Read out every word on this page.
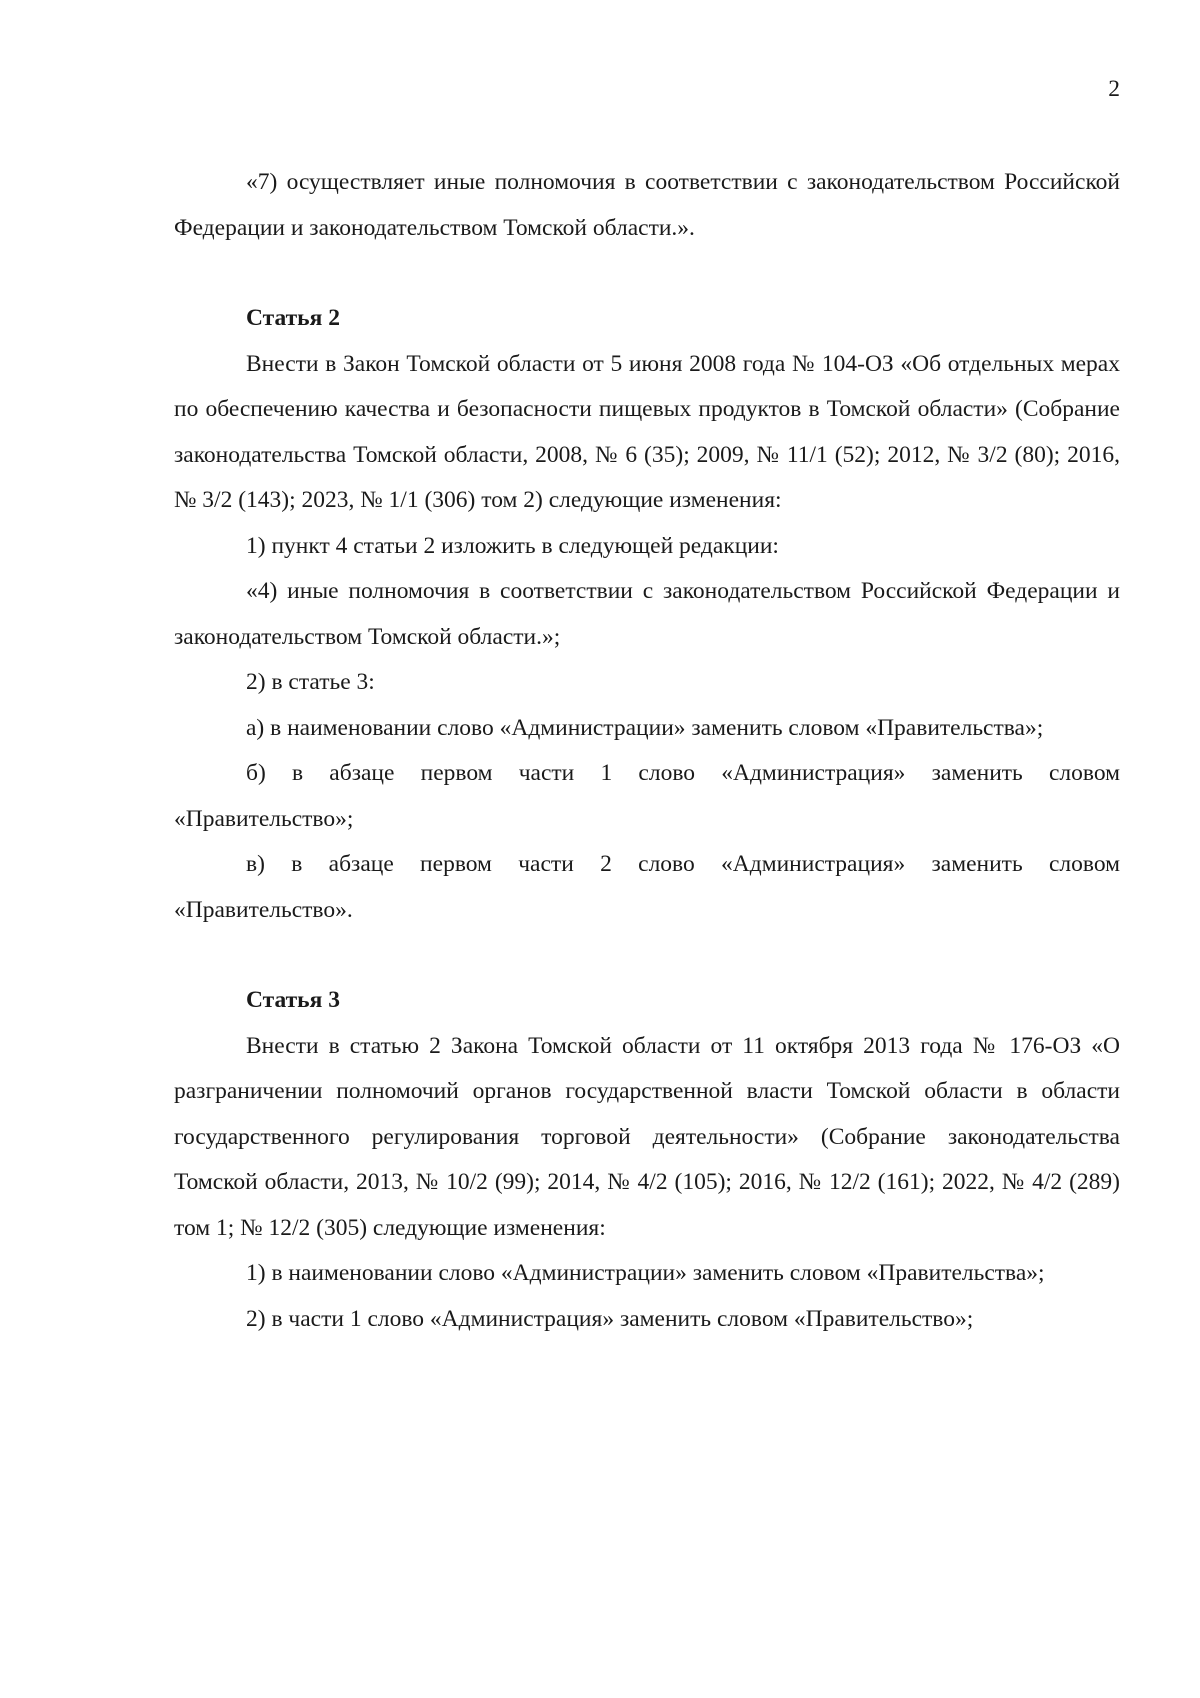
2

«7) осуществляет иные полномочия в соответствии с законодательством Российской Федерации и законодательством Томской области.».

Статья 2

Внести в Закон Томской области от 5 июня 2008 года № 104-ОЗ «Об отдельных мерах по обеспечению качества и безопасности пищевых продуктов в Томской области» (Собрание законодательства Томской области, 2008, № 6 (35); 2009, № 11/1 (52); 2012, № 3/2 (80); 2016, № 3/2 (143); 2023, № 1/1 (306) том 2) следующие изменения:

1) пункт 4 статьи 2 изложить в следующей редакции:

«4) иные полномочия в соответствии с законодательством Российской Федерации и законодательством Томской области.»;

2) в статье 3:

а) в наименовании слово «Администрации» заменить словом «Правительства»;

б) в абзаце первом части 1 слово «Администрация» заменить словом «Правительство»;

в) в абзаце первом части 2 слово «Администрация» заменить словом «Правительство».

Статья 3

Внести в статью 2 Закона Томской области от 11 октября 2013 года № 176-ОЗ «О разграничении полномочий органов государственной власти Томской области в области государственного регулирования торговой деятельности» (Собрание законодательства Томской области, 2013, № 10/2 (99); 2014, № 4/2 (105); 2016, № 12/2 (161); 2022, № 4/2 (289) том 1; № 12/2 (305) следующие изменения:

1) в наименовании слово «Администрации» заменить словом «Правительства»;

2) в части 1 слово «Администрация» заменить словом «Правительство»;
